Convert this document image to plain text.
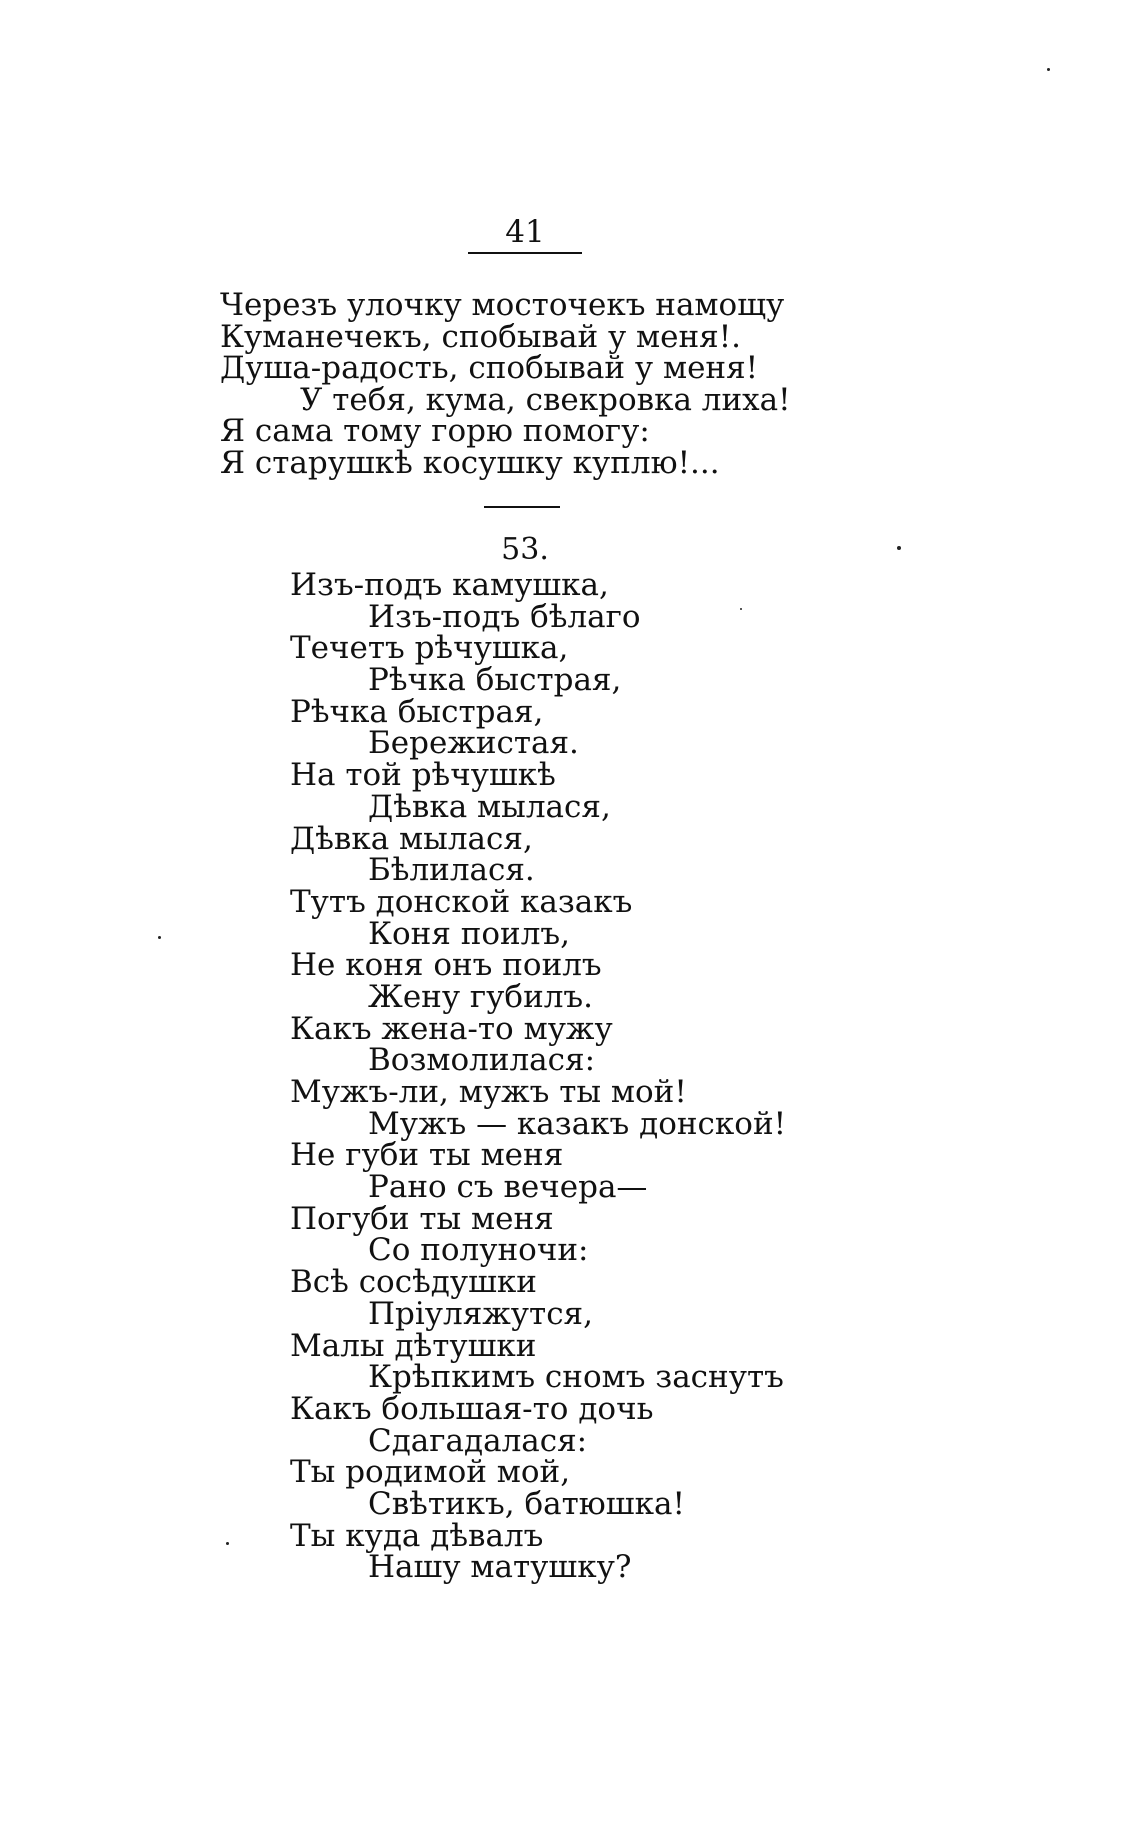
41
Черезъ улочку мосточекъ намощу
Куманечекъ, спобывай у меня!.
Душа-радость, спобывай у меня!
У тебя, кума, свекровка лиха!
Я сама тому горю помогу:
Я старушкѣ косушку куплю!...
53.
Изъ-подъ камушка,
Изъ-подъ бѣлаго
Течетъ рѣчушка,
Рѣчка быстрая,
Рѣчка быстрая,
Бережистая.
На той рѣчушкѣ
Дѣвка мылася,
Дѣвка мылася,
Бѣлилася.
Тутъ донской казакъ
Коня поилъ,
Не коня онъ поилъ
Жену губилъ.
Какъ жена-то мужу
Возмолилася:
Мужъ-ли, мужъ ты мой!
Мужъ — казакъ донской!
Не губи ты меня
Рано съ вечера—
Погуби ты меня
Со полуночи:
Всѣ сосѣдушки
Пріуляжутся,
Малы дѣтушки
Крѣпкимъ сномъ заснутъ
Какъ большая-то дочь
Сдагадалася:
Ты родимой мой,
Свѣтикъ, батюшка!
Ты куда дѣвалъ
Нашу матушку?
